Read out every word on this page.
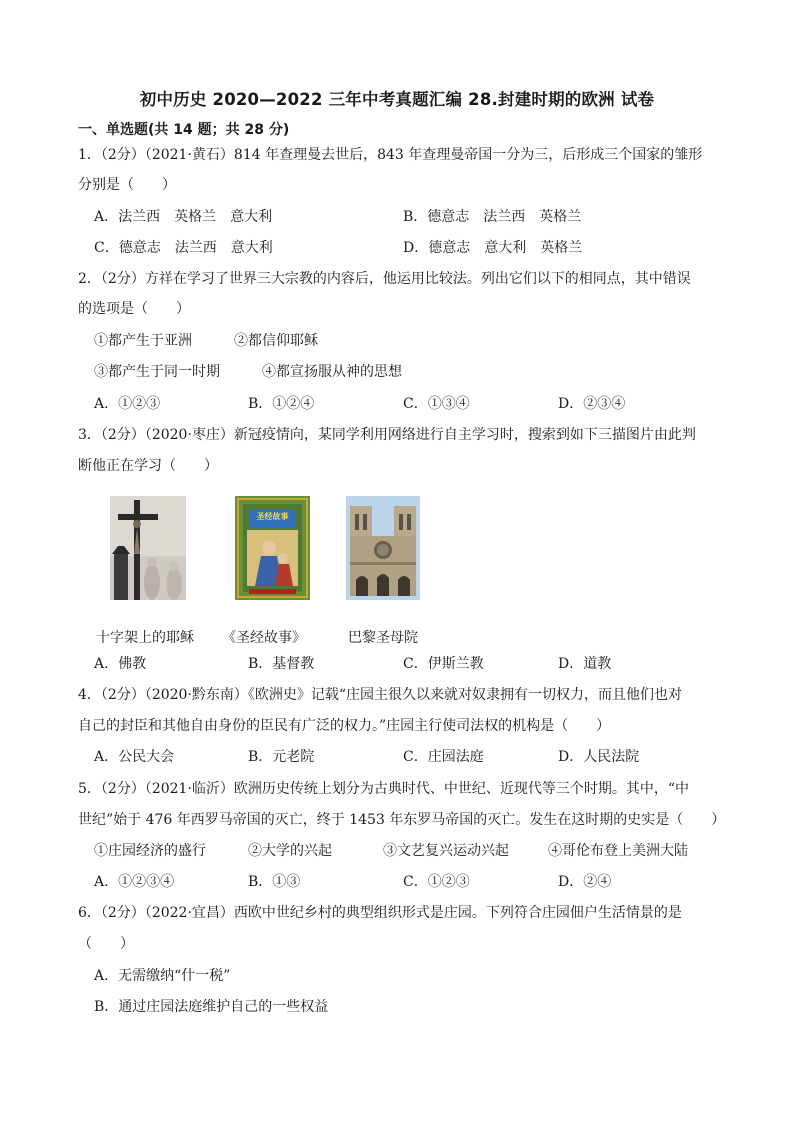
初中历史 2020—2022 三年中考真题汇编 28.封建时期的欧洲 试卷
一、单选题(共 14 题；共 28 分)
1．（2分）（2021·黄石）814 年查理曼去世后，843 年查理曼帝国一分为三，后形成三个国家的雏形
分别是（　　）
A．法兰西　英格兰　意大利	B．德意志　法兰西　英格兰
C．德意志　法兰西　意大利	D．德意志　意大利　英格兰
2．（2分）方祥在学习了世界三大宗教的内容后，他运用比较法。列出它们以下的相同点，其中错误
的选项是（　　）
①都产生于亚洲	②都信仰耶稣
③都产生于同一时期	④都宣扬服从神的思想
A．①②③	B．①②④	C．①③④	D．②③④
3．（2分）（2020·枣庄）新冠疫情向，某同学利用网络进行自主学习时，搜索到如下三描图片由此判
断他正在学习（　　）
圣经故事
十字架上的耶稣 《圣经故事》	巴黎圣母院
A．佛教	B．基督教	C．伊斯兰教	D．道教
4．（2分）（2020·黔东南）《欧洲史》记载“庄园主很久以来就对奴隶拥有一切权力，而且他们也对
自己的封臣和其他自由身份的臣民有广泛的权力。”庄园主行使司法权的机构是（　　）
A．公民大会	B．元老院	C．庄园法庭	D．人民法院
5．（2分）（2021·临沂）欧洲历史传统上划分为古典时代、中世纪、近现代等三个时期。其中，“中
世纪”始于 476 年西罗马帝国的灭亡，终于 1453 年东罗马帝国的灭亡。发生在这时期的史实是（　　）
①庄园经济的盛行	②大学的兴起	③文艺复兴运动兴起	④哥伦布登上美洲大陆
A．①②③④	B．①③	C．①②③	D．②④
6．（2分）（2022·宜昌）西欧中世纪乡村的典型组织形式是庄园。下列符合庄园佃户生活情景的是
（　　）
A．无需缴纳“什一税”
B．通过庄园法庭维护自己的一些权益
